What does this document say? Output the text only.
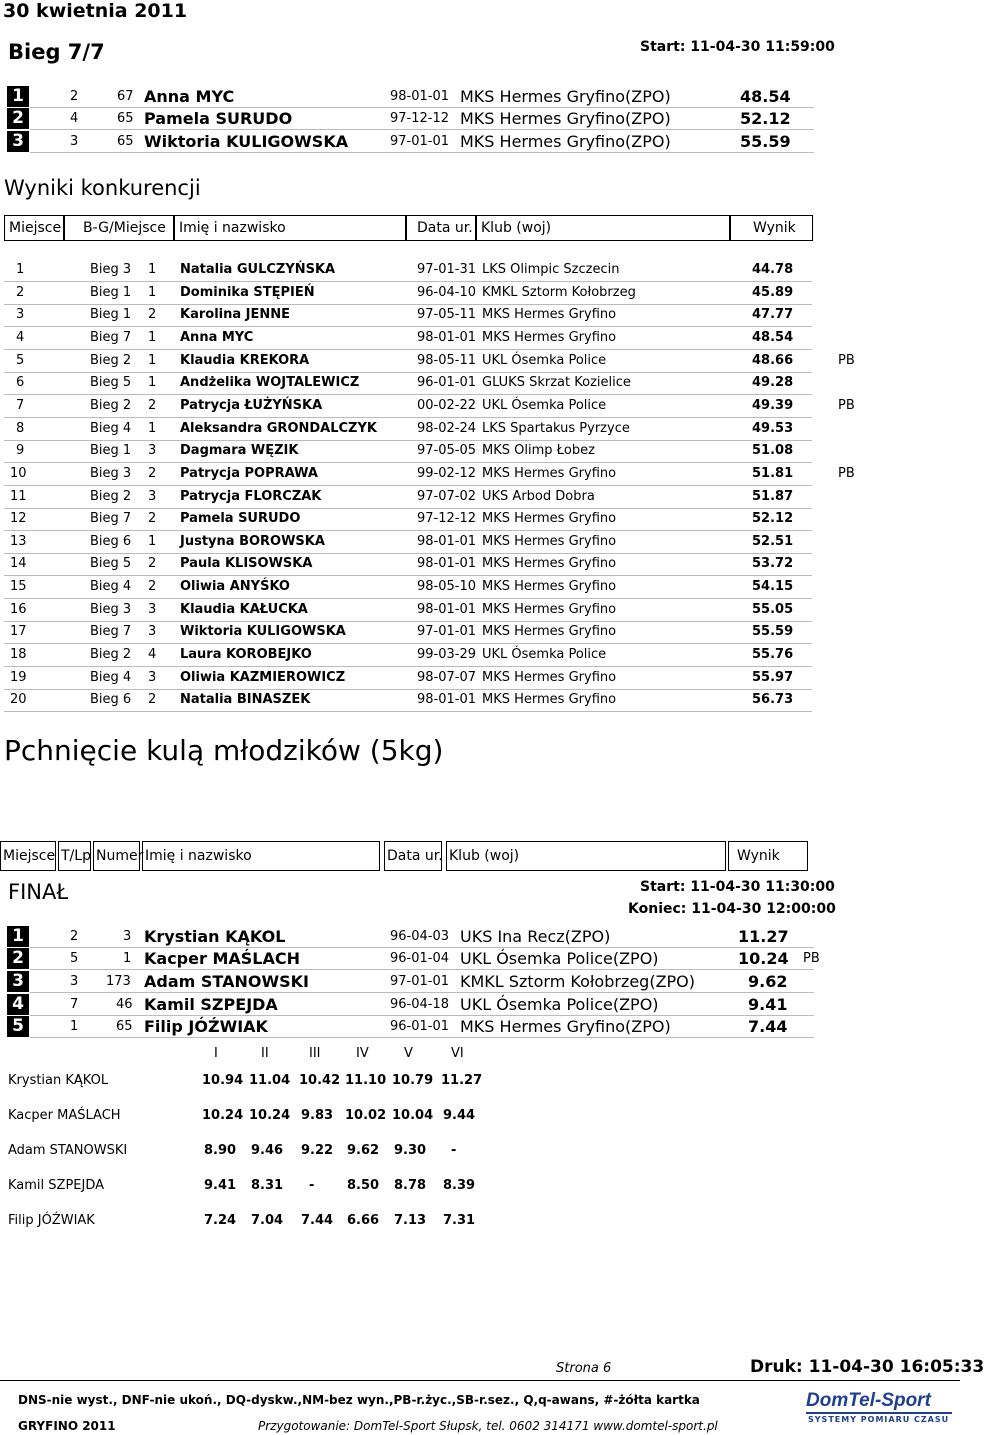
30 kwietnia 2011
Bieg 7/7	Start: 11-04-30 11:59:00
1	2	67 Anna MYC	98-01-01 MKS Hermes Gryfino(ZPO)	48.54
2	4	65 Pamela SURUDO	97-12-12 MKS Hermes Gryfino(ZPO)	52.12
3	3	65 Wiktoria KULIGOWSKA	97-01-01 MKS Hermes Gryfino(ZPO)	55.59
Wyniki konkurencji
Miejsce	B-G/Miejsce Imię i nazwisko	Data ur. Klub (woj)	Wynik
1	Bieg 3 1 Natalia GULCZYŃSKA	97-01-31 LKS Olimpic Szczecin	44.78
2	Bieg 1 1 Dominika STĘPIEŃ	96-04-10 KMKL Sztorm Kołobrzeg	45.89
3	Bieg 1 2 Karolina JENNE	97-05-11 MKS Hermes Gryfino	47.77
4	Bieg 7 1 Anna MYC	98-01-01 MKS Hermes Gryfino	48.54
5	Bieg 2 1 Klaudia KREKORA	98-05-11 UKL Ósemka Police	48.66	PB
6	Bieg 5 1 Andżelika WOJTALEWICZ	96-01-01 GLUKS Skrzat Kozielice	49.28
7	Bieg 2 2 Patrycja ŁUŻYŃSKA	00-02-22 UKL Ósemka Police	49.39	PB
8	Bieg 4 1 Aleksandra GRONDALCZYK	98-02-24 LKS Spartakus Pyrzyce	49.53
9	Bieg 1 3 Dagmara WĘZIK	97-05-05 MKS Olimp Łobez	51.08
10	Bieg 3 2 Patrycja POPRAWA	99-02-12 MKS Hermes Gryfino	51.81	PB
11	Bieg 2 3 Patrycja FLORCZAK	97-07-02 UKS Arbod Dobra	51.87
12	Bieg 7 2 Pamela SURUDO	97-12-12 MKS Hermes Gryfino	52.12
13	Bieg 6 1 Justyna BOROWSKA	98-01-01 MKS Hermes Gryfino	52.51
14	Bieg 5 2 Paula KLISOWSKA	98-01-01 MKS Hermes Gryfino	53.72
15	Bieg 4 2 Oliwia ANYŚKO	98-05-10 MKS Hermes Gryfino	54.15
16	Bieg 3 3 Klaudia KAŁUCKA	98-01-01 MKS Hermes Gryfino	55.05
17	Bieg 7 3 Wiktoria KULIGOWSKA	97-01-01 MKS Hermes Gryfino	55.59
18	Bieg 2 4 Laura KOROBEJKO	99-03-29 UKL Ósemka Police	55.76
19	Bieg 4 3 Oliwia KAZMIEROWICZ	98-07-07 MKS Hermes Gryfino	55.97
20	Bieg 6 2 Natalia BINASZEK	98-01-01 MKS Hermes Gryfino	56.73
Pchnięcie kulą młodzików (5kg)
Miejsce T/Lp Numer Imię i nazwisko	Data ur. Klub (woj)	Wynik
FINAŁ	Start: 11-04-30 11:30:00
Koniec: 11-04-30 12:00:00
1	2	3 Krystian KĄKOL	96-04-03 UKS Ina Recz(ZPO)	11.27
2	5	1 Kacper MAŚLACH	96-01-04 UKL Ósemka Police(ZPO)	10.24 PB
3	3 173 Adam STANOWSKI	97-01-01 KMKL Sztorm Kołobrzeg(ZPO)	9.62
4	7	46 Kamil SZPEJDA	96-04-18 UKL Ósemka Police(ZPO)	9.41
5	1	65 Filip JÓŹWIAK	96-01-01 MKS Hermes Gryfino(ZPO)	7.44
I	II	III	IV	V	VI
Krystian KĄKOL	10.94 11.04 10.42 11.10 10.79 11.27
Kacper MAŚLACH	10.24 10.24 9.83 10.02 10.04 9.44
Adam STANOWSKI	8.90 9.46 9.22 9.62 9.30 -
Kamil SZPEJDA	9.41 8.31 -	8.50 8.78 8.39
Filip JÓŹWIAK	7.24 7.04 7.44 6.66 7.13 7.31
Strona 6	Druk: 11-04-30 16:05:33
DNS-nie wyst., DNF-nie ukoń., DQ-dyskw.,NM-bez wyn.,PB-r.życ.,SB-r.sez., Q,q-awans, #-żółta kartka
GRYFINO 2011	Przygotowanie: DomTel-Sport Słupsk, tel. 0602 314171 www.domtel-sport.pl
DomTel-Sport
SYSTEMY POMIARU CZASU
